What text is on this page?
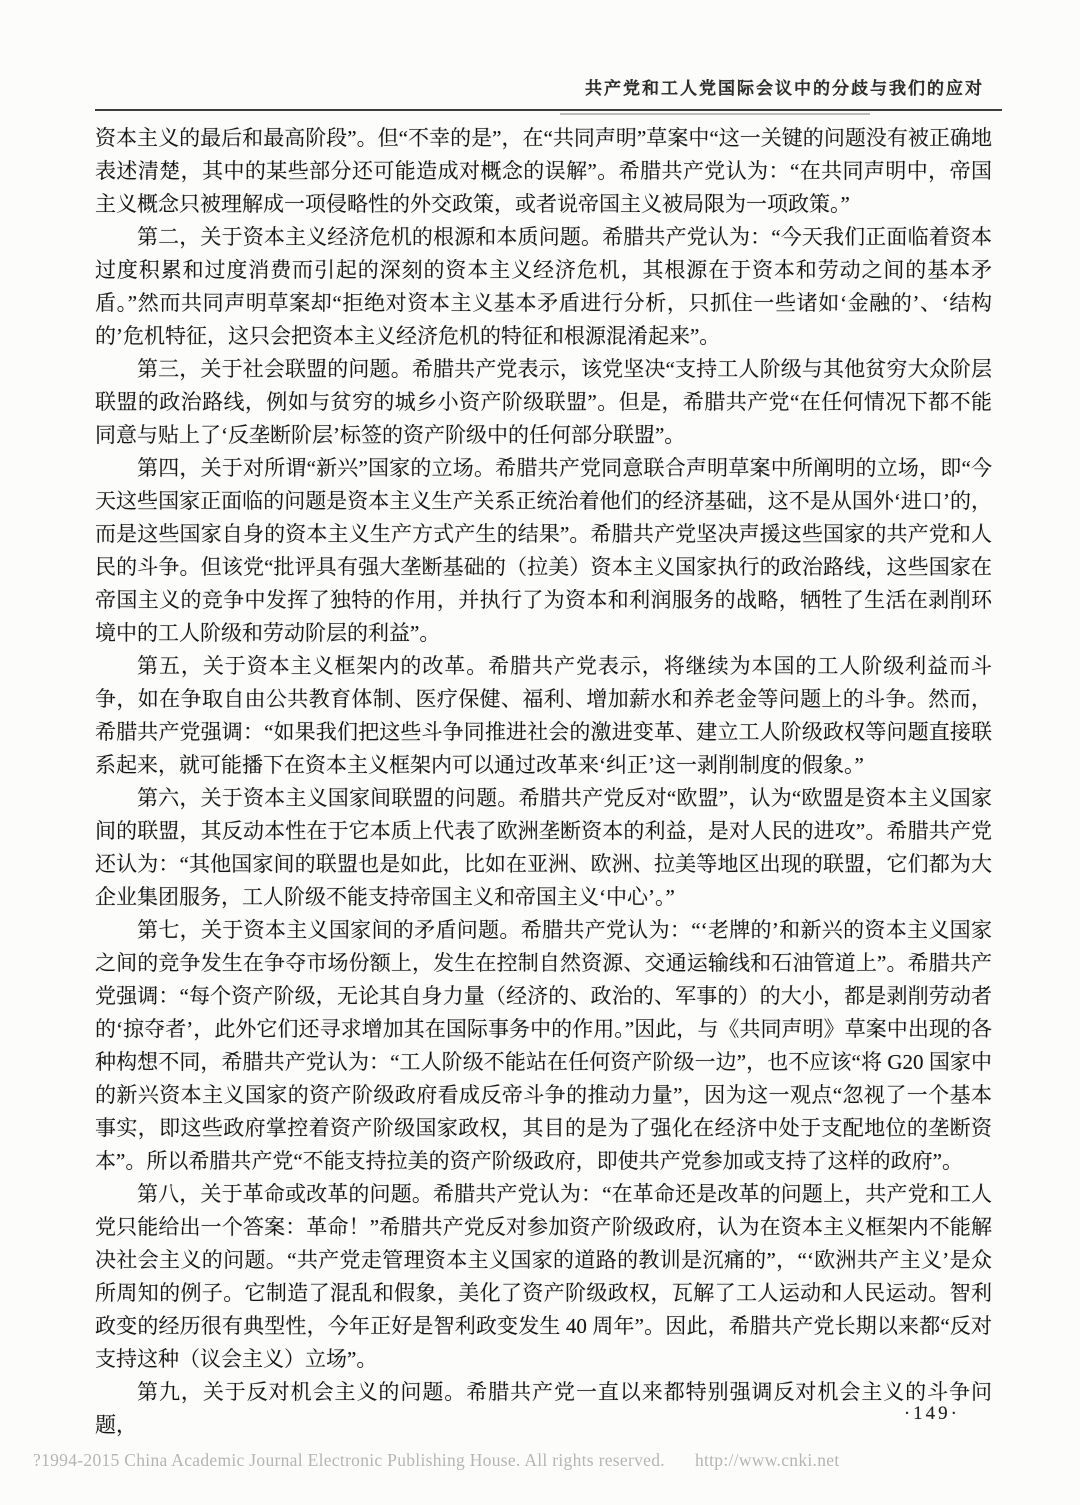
共产党和工人党国际会议中的分歧与我们的应对

资本主义的最后和最高阶段”。但“不幸的是”，在“共同声明”草案中“这一关键的问题没有被正确地表述清楚，其中的某些部分还可能造成对概念的误解”。希腊共产党认为：“在共同声明中，帝国主义概念只被理解成一项侵略性的外交政策，或者说帝国主义被局限为一项政策。”

第二，关于资本主义经济危机的根源和本质问题。希腊共产党认为：“今天我们正面临着资本过度积累和过度消费而引起的深刻的资本主义经济危机，其根源在于资本和劳动之间的基本矛盾。”然而共同声明草案却“拒绝对资本主义基本矛盾进行分析，只抓住一些诸如‘金融的’、‘结构的’危机特征，这只会把资本主义经济危机的特征和根源混淆起来”。

第三，关于社会联盟的问题。希腊共产党表示，该党坚决“支持工人阶级与其他贫穷大众阶层联盟的政治路线，例如与贫穷的城乡小资产阶级联盟”。但是，希腊共产党“在任何情况下都不能同意与贴上了‘反垄断阶层’标签的资产阶级中的任何部分联盟”。

第四，关于对所谓“新兴”国家的立场。希腊共产党同意联合声明草案中所阐明的立场，即“今天这些国家正面临的问题是资本主义生产关系正统治着他们的经济基础，这不是从国外‘进口’的，而是这些国家自身的资本主义生产方式产生的结果”。希腊共产党坚决声援这些国家的共产党和人民的斗争。但该党“批评具有强大垄断基础的（拉美）资本主义国家执行的政治路线，这些国家在帝国主义的竞争中发挥了独特的作用，并执行了为资本和利润服务的战略，牺牲了生活在剥削环境中的工人阶级和劳动阶层的利益”。

第五，关于资本主义框架内的改革。希腊共产党表示，将继续为本国的工人阶级利益而斗争，如在争取自由公共教育体制、医疗保健、福利、增加薪水和养老金等问题上的斗争。然而，希腊共产党强调：“如果我们把这些斗争同推进社会的激进变革、建立工人阶级政权等问题直接联系起来，就可能播下在资本主义框架内可以通过改革来‘纠正’这一剥削制度的假象。”

第六，关于资本主义国家间联盟的问题。希腊共产党反对“欧盟”，认为“欧盟是资本主义国家间的联盟，其反动本性在于它本质上代表了欧洲垄断资本的利益，是对人民的进攻”。希腊共产党还认为：“其他国家间的联盟也是如此，比如在亚洲、欧洲、拉美等地区出现的联盟，它们都为大企业集团服务，工人阶级不能支持帝国主义和帝国主义‘中心’。”

第七，关于资本主义国家间的矛盾问题。希腊共产党认为：“‘老牌的’和新兴的资本主义国家之间的竞争发生在争夺市场份额上，发生在控制自然资源、交通运输线和石油管道上”。希腊共产党强调：“每个资产阶级，无论其自身力量（经济的、政治的、军事的）的大小，都是剥削劳动者的‘掠夺者’，此外它们还寻求增加其在国际事务中的作用。”因此，与《共同声明》草案中出现的各种构想不同，希腊共产党认为：“工人阶级不能站在任何资产阶级一边”，也不应该“将 G20 国家中的新兴资本主义国家的资产阶级政府看成反帝斗争的推动力量”，因为这一观点“忽视了一个基本事实，即这些政府掌控着资产阶级国家政权，其目的是为了强化在经济中处于支配地位的垄断资本”。所以希腊共产党“不能支持拉美的资产阶级政府，即使共产党参加或支持了这样的政府”。

第八，关于革命或改革的问题。希腊共产党认为：“在革命还是改革的问题上，共产党和工人党只能给出一个答案：革命！”希腊共产党反对参加资产阶级政府，认为在资本主义框架内不能解决社会主义的问题。“共产党走管理资本主义国家的道路的教训是沉痛的”，“‘欧洲共产主义’是众所周知的例子。它制造了混乱和假象，美化了资产阶级政权，瓦解了工人运动和人民运动。智利政变的经历很有典型性，今年正好是智利政变发生 40 周年”。因此，希腊共产党长期以来都“反对支持这种（议会主义）立场”。

第九，关于反对机会主义的问题。希腊共产党一直以来都特别强调反对机会主义的斗争问题，	·149·
?1994-2015 China Academic Journal Electronic Publishing House. All rights reserved. http://www.cnki.net
